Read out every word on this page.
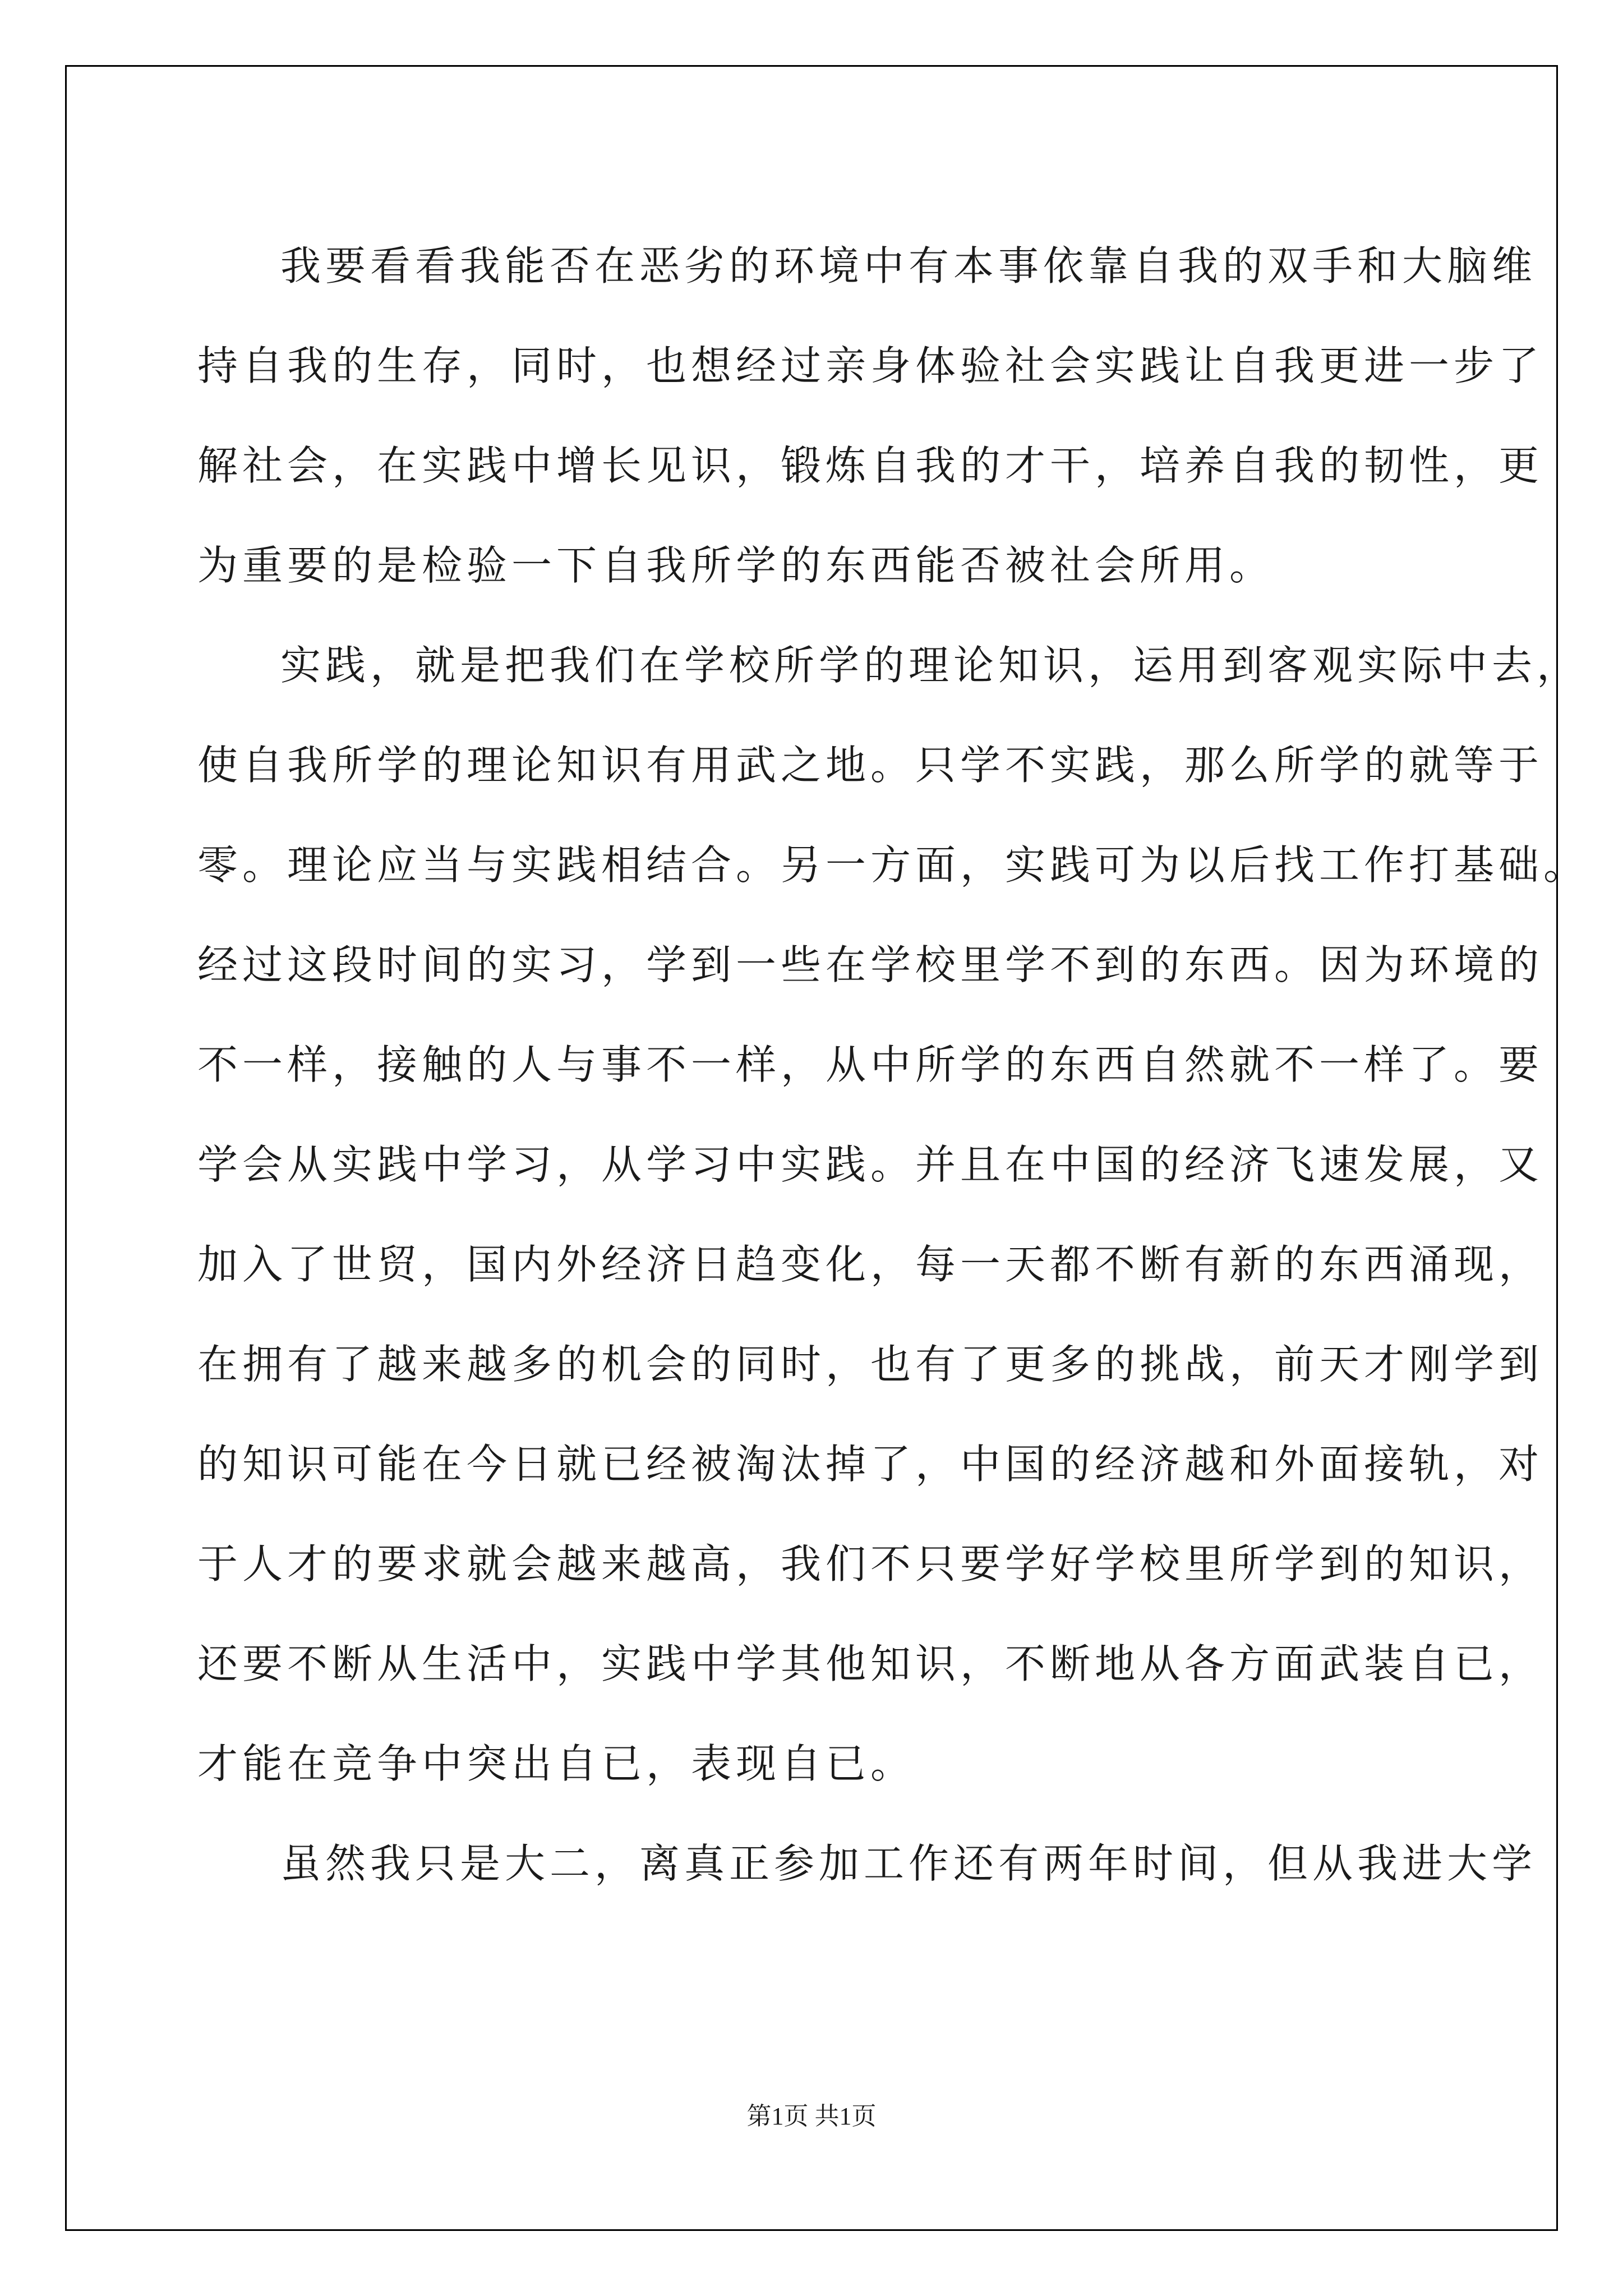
我要看看我能否在恶劣的环境中有本事依靠自我的双手和大脑维
持自我的生存，同时，也想经过亲身体验社会实践让自我更进一步了
解社会，在实践中增长见识，锻炼自我的才干，培养自我的韧性，更
为重要的是检验一下自我所学的东西能否被社会所用。
实践，就是把我们在学校所学的理论知识，运用到客观实际中去，
使自我所学的理论知识有用武之地。只学不实践，那么所学的就等于
零。理论应当与实践相结合。另一方面，实践可为以后找工作打基础。
经过这段时间的实习，学到一些在学校里学不到的东西。因为环境的
不一样，接触的人与事不一样，从中所学的东西自然就不一样了。要
学会从实践中学习，从学习中实践。并且在中国的经济飞速发展，又
加入了世贸，国内外经济日趋变化，每一天都不断有新的东西涌现，
在拥有了越来越多的机会的同时，也有了更多的挑战，前天才刚学到
的知识可能在今日就已经被淘汰掉了，中国的经济越和外面接轨，对
于人才的要求就会越来越高，我们不只要学好学校里所学到的知识，
还要不断从生活中，实践中学其他知识，不断地从各方面武装自已，
才能在竞争中突出自已，表现自已。
虽然我只是大二，离真正参加工作还有两年时间，但从我进大学
第1页 共1页
